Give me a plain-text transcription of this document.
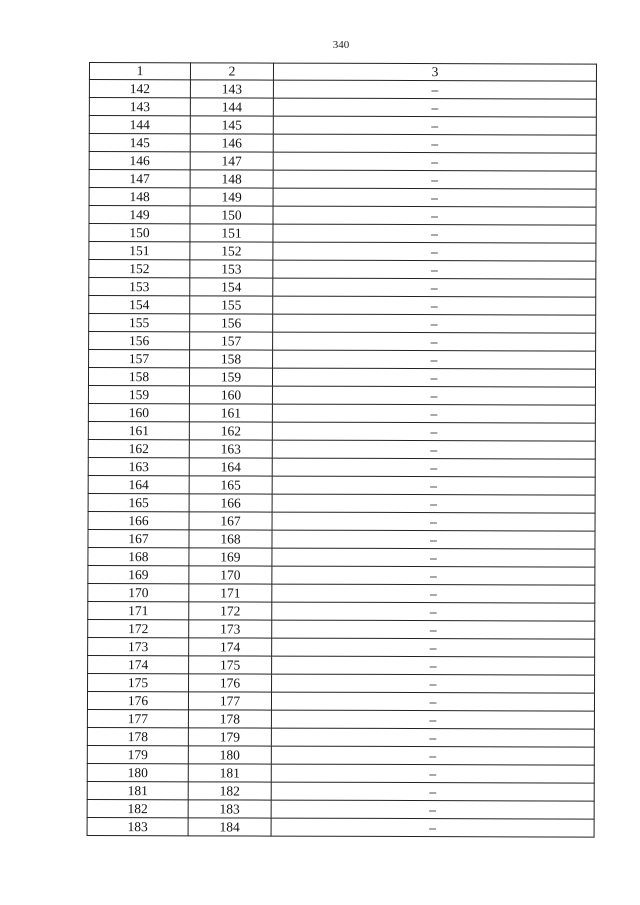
340
1	2	3
142	143	–
143	144	–
144	145	–
145	146	–
146	147	–
147	148	–
148	149	–
149	150	–
150	151	–
151	152	–
152	153	–
153	154	–
154	155	–
155	156	–
156	157	–
157	158	–
158	159	–
159	160	–
160	161	–
161	162	–
162	163	–
163	164	–
164	165	–
165	166	–
166	167	–
167	168	–
168	169	–
169	170	–
170	171	–
171	172	–
172	173	–
173	174	–
174	175	–
175	176	–
176	177	–
177	178	–
178	179	–
179	180	–
180	181	–
181	182	–
182	183	–
183	184	–
